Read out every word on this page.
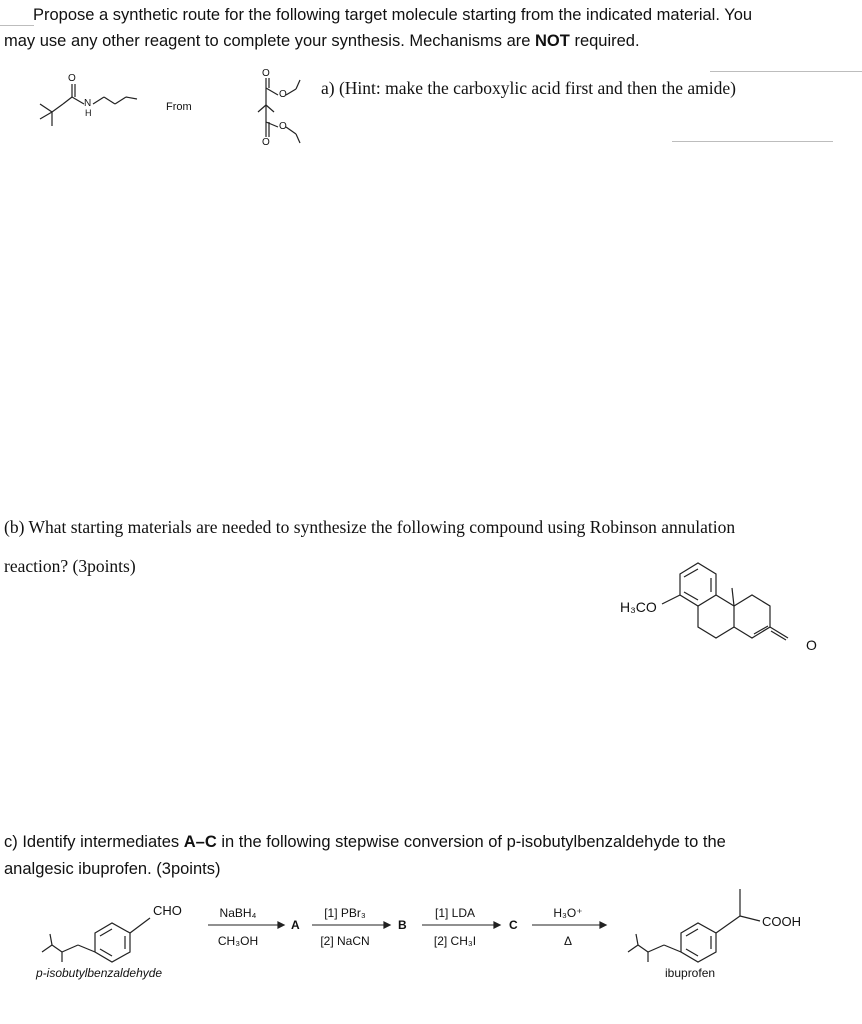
Propose a synthetic route for the following target molecule starting from the indicated material. You
may use any other reagent to complete your synthesis. Mechanisms are NOT required.
O
N
H	From
O
O
O
O
a) (Hint: make the carboxylic acid first and then the amide)
(b) What starting materials are needed to synthesize the following compound using Robinson annulation
reaction? (3points)
H₃CO
O
c) Identify intermediates A–C in the following stepwise conversion of p-isobutylbenzaldehyde to the
analgesic ibuprofen. (3points)
CHO
p-isobutylbenzaldehyde
NaBH₄
CH₃OH
A
[1] PBr₃
[2] NaCN
B
[1] LDA
[2] CH₃I
C
H₃O⁺
Δ
COOH
ibuprofen
